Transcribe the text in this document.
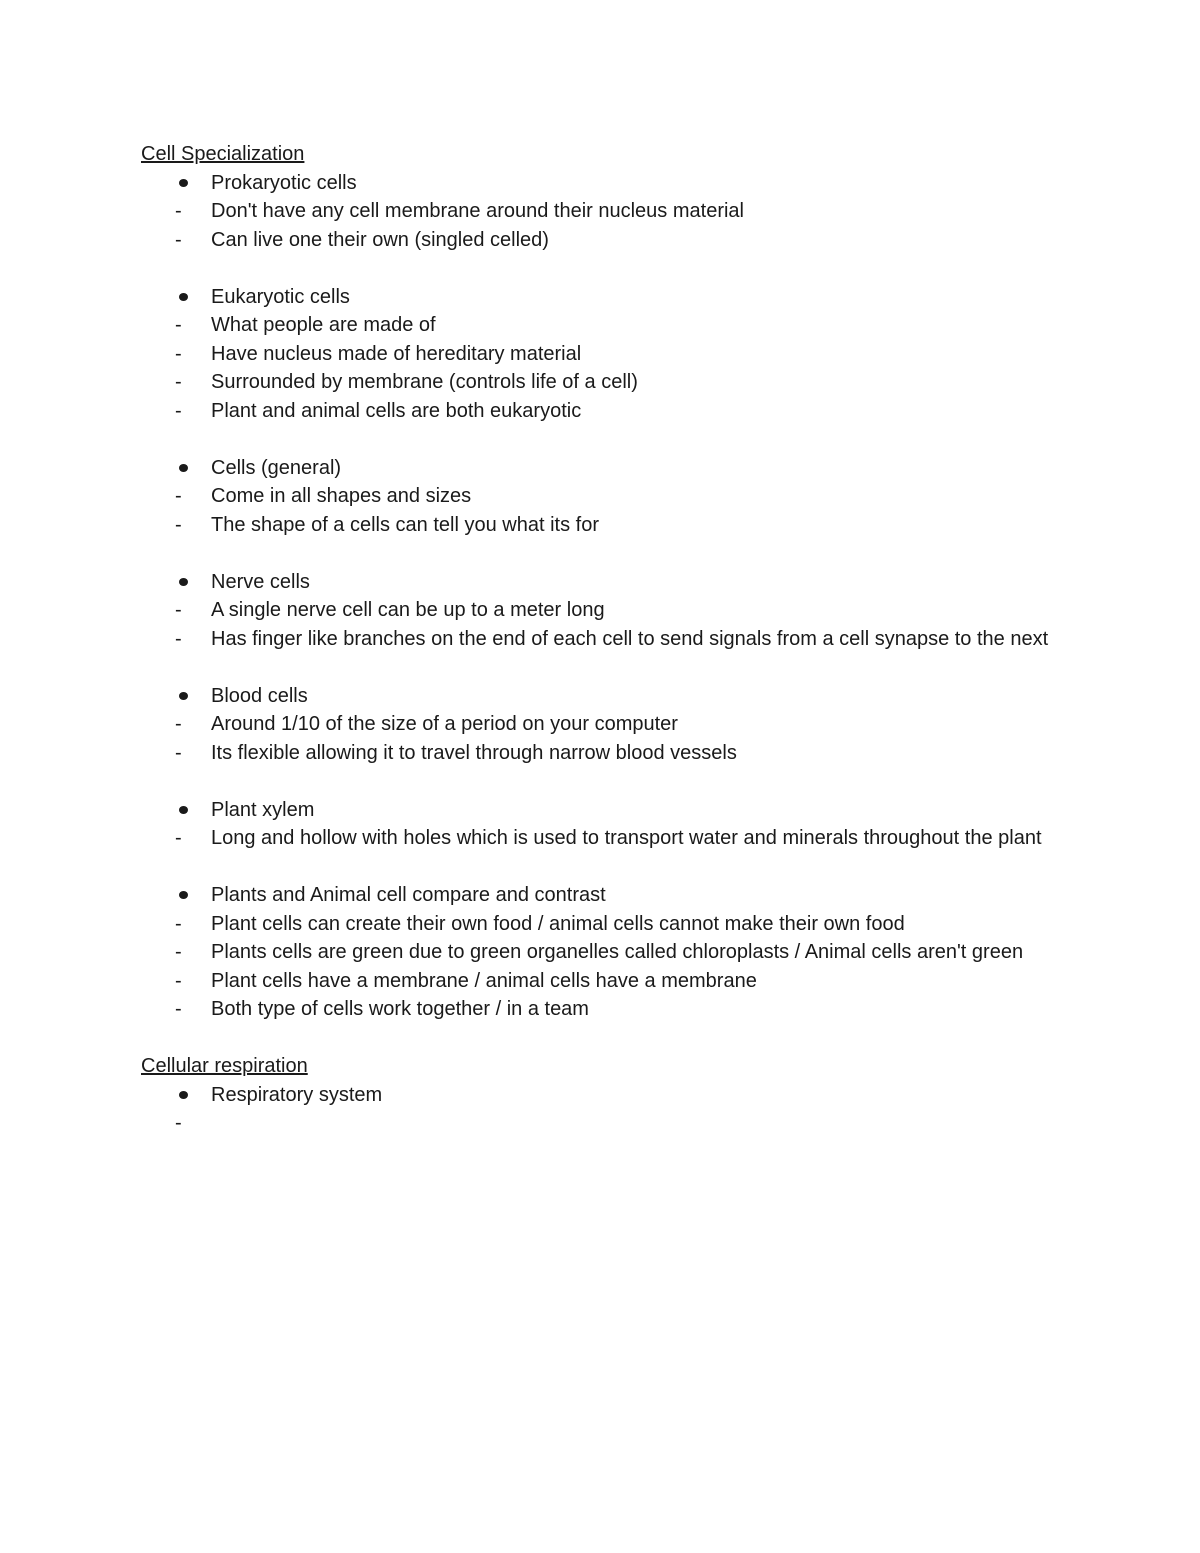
Cell Specialization
Prokaryotic cells
- Don't have any cell membrane around their nucleus material
- Can live one their own (singled celled)
Eukaryotic cells
- What people are made of
- Have nucleus made of hereditary material
- Surrounded by membrane (controls life of a cell)
- Plant and animal cells are both eukaryotic
Cells (general)
- Come in all shapes and sizes
- The shape of a cells can tell you what its for
Nerve cells
- A single nerve cell can be up to a meter long
- Has finger like branches on the end of each cell to send signals from a cell synapse to the next
Blood cells
- Around 1/10 of the size of a period on your computer
- Its flexible allowing it to travel through narrow blood vessels
Plant xylem
- Long and hollow with holes which is used to transport water and minerals throughout the plant
Plants and Animal cell compare and contrast
- Plant cells can create their own food / animal cells cannot make their own food
- Plants cells are green due to green organelles called chloroplasts / Animal cells aren't green
- Plant cells have a membrane / animal cells have a membrane
- Both type of cells work together / in a team
Cellular respiration
Respiratory system
-
